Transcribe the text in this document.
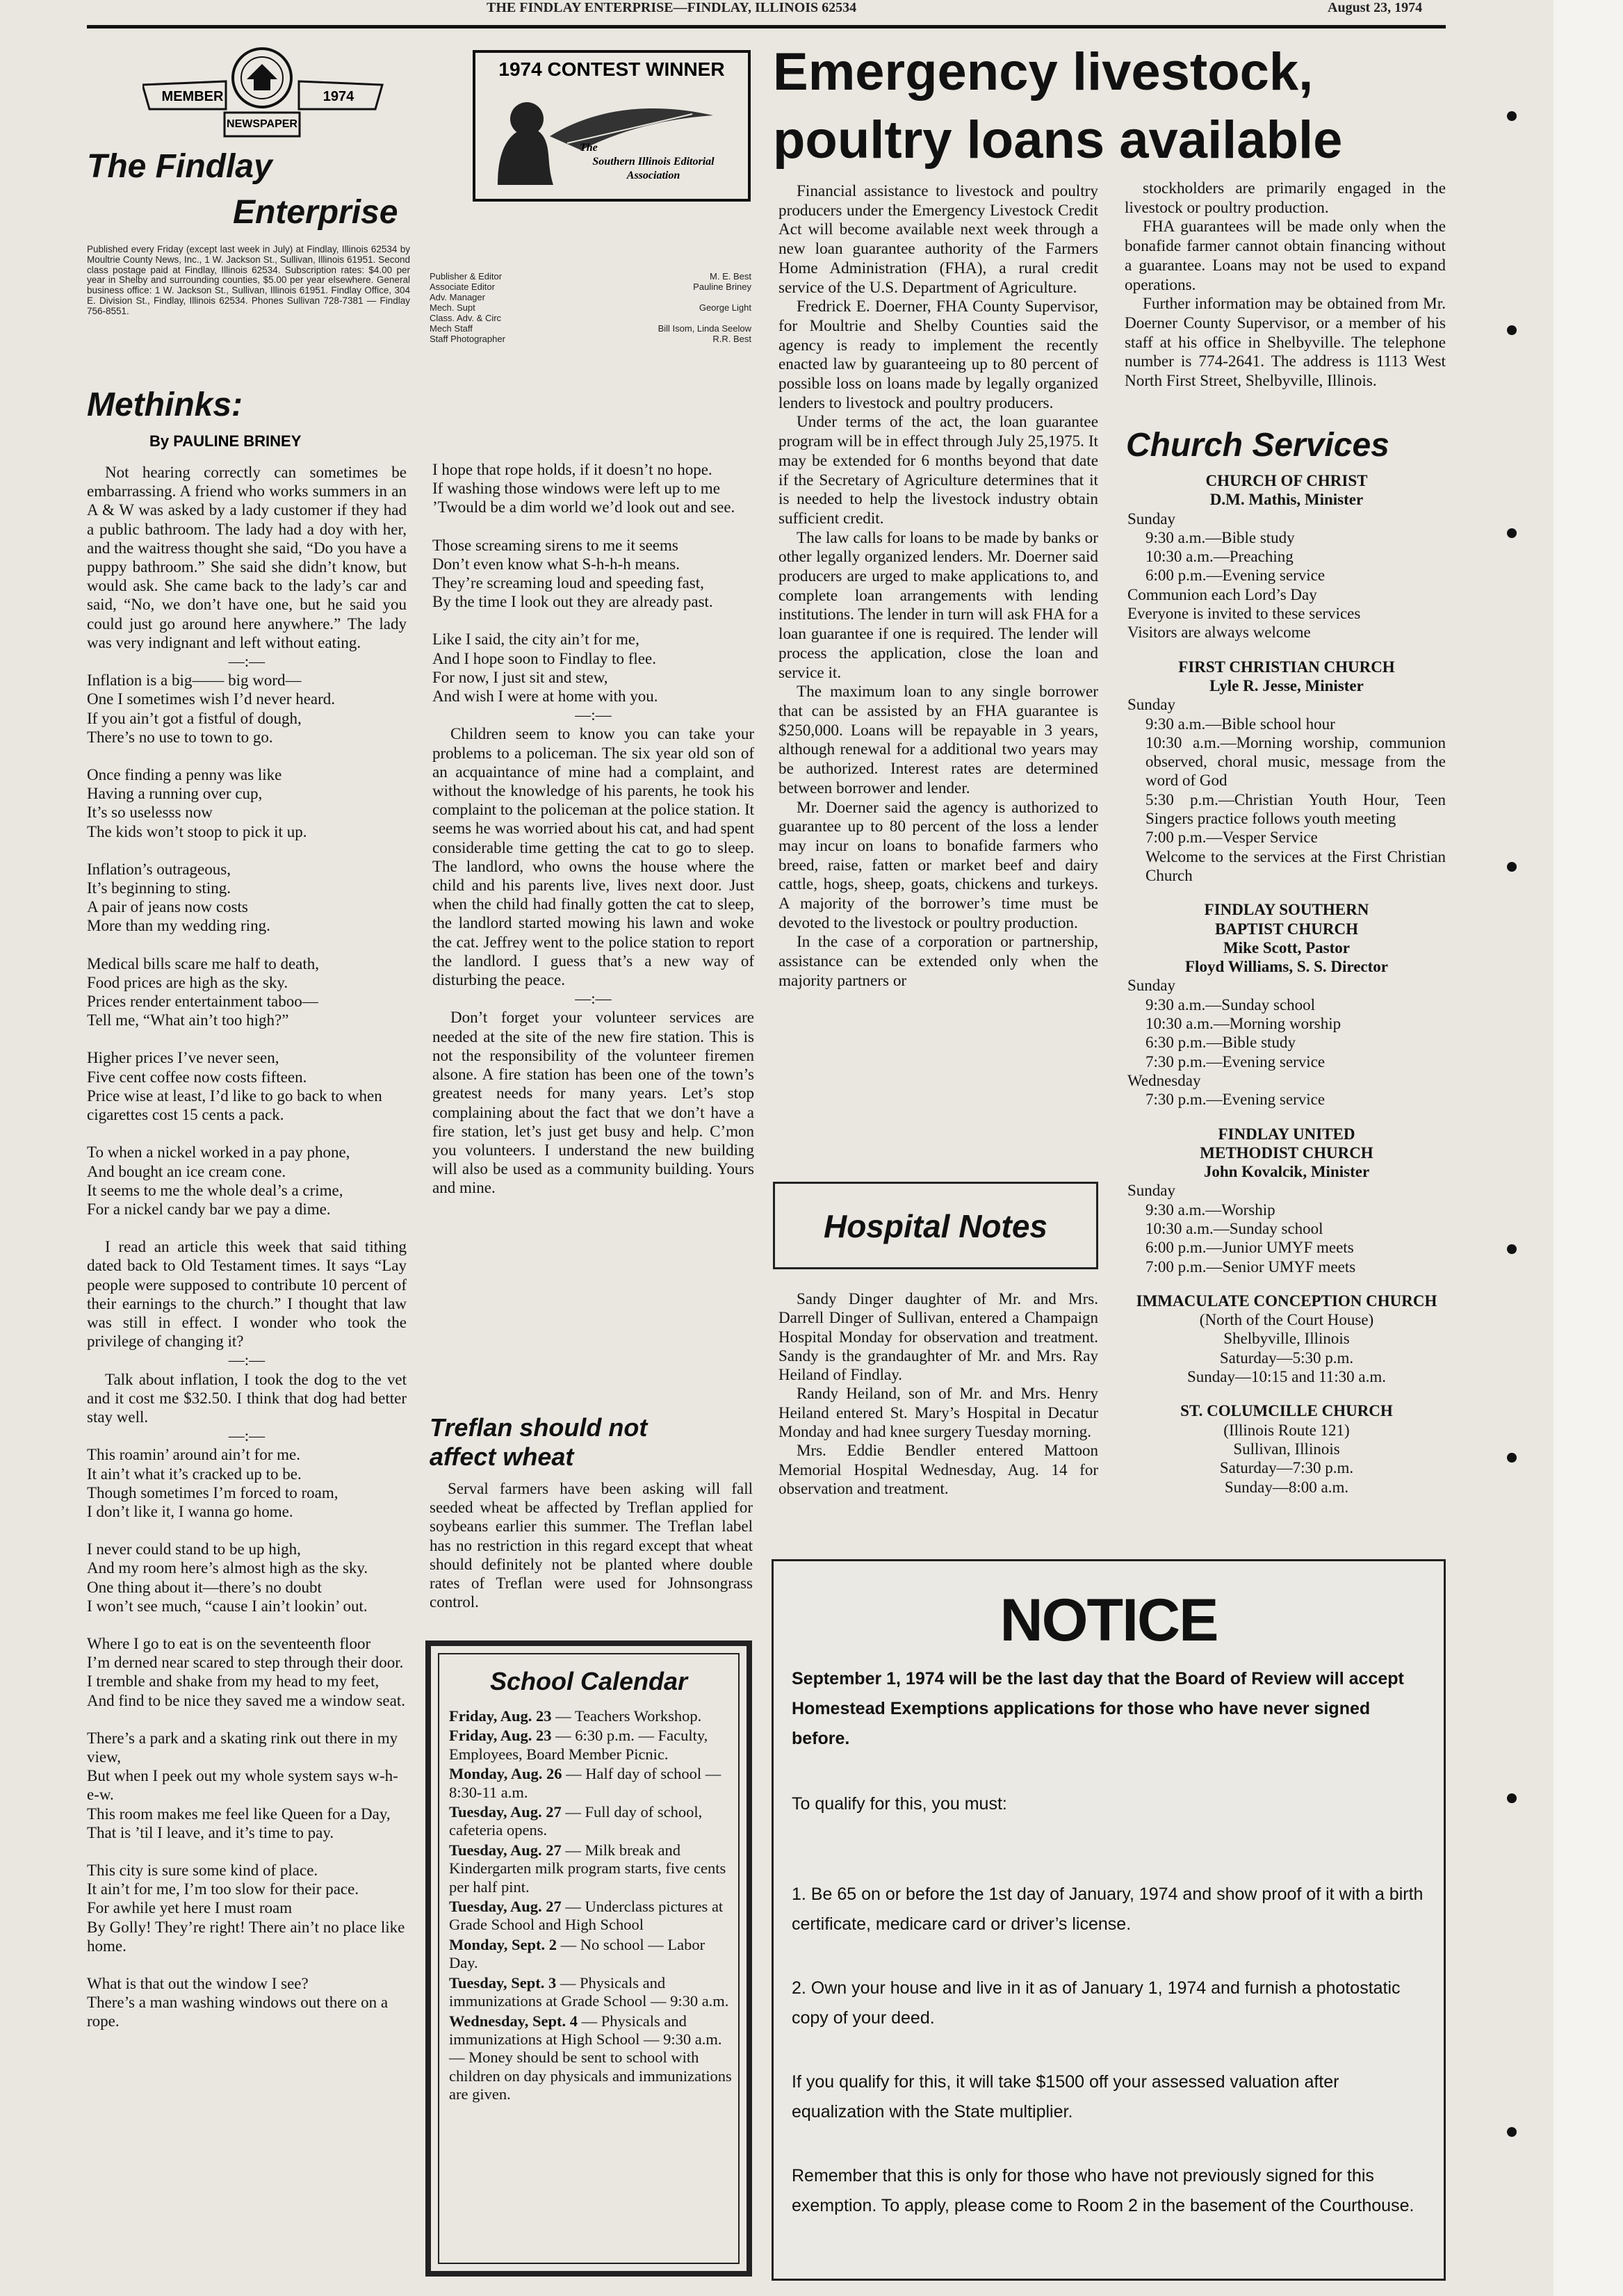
THE FINDLAY ENTERPRISE—FINDLAY, ILLINOIS 62534	August 23, 1974
MEMBER	1974
NEWSPAPER
The Findlay
Enterprise
Published every Friday (except last week in July) at Findlay, Illinois 62534 by Moultrie County News, Inc., 1 W. Jackson St., Sullivan, Illinois 61951. Second class postage paid at Findlay, Illinois 62534. Subscription rates: $4.00 per year in Shelby and surrounding counties, $5.00 per year elsewhere. General business office: 1 W. Jackson St., Sullivan, Illinois 61951. Findlay Office, 304 E. Division St., Findlay, Illinois 62534. Phones Sullivan 728-7381 — Findlay 756-8551.
1974 CONTEST WINNER
The
Southern Illinois Editorial
Association
Publisher & Editor	M. E. Best
Associate Editor	Pauline Briney
Adv. Manager
Mech. Supt	George Light
Class. Adv. & Circ
Mech Staff	Bill Isom, Linda Seelow
Staff Photographer	R.R. Best
Methinks:
By PAULINE BRINEY

Not hearing correctly can sometimes be embarrassing. A friend who works summers in an A & W was asked by a lady customer if they had a public bathroom. The lady had a doy with her, and the waitress thought she said, “Do you have a puppy bathroom.” She said she didn’t know, but would ask. She came back to the lady’s car and said, “No, we don’t have one, but he said you could just go around here anywhere.” The lady was very indignant and left without eating.

—:—
Inflation is a big—— big word—
One I sometimes wish I’d never heard.
If you ain’t got a fistful of dough,
There’s no use to town to go.
Once finding a penny was like
Having a running over cup,
It’s so uselesss now
The kids won’t stoop to pick it up.
Inflation’s outrageous,
It’s beginning to sting.
A pair of jeans now costs
More than my wedding ring.
Medical bills scare me half to death,
Food prices are high as the sky.
Prices render entertainment taboo—
Tell me, “What ain’t too high?”
Higher prices I’ve never seen,
Five cent coffee now costs fifteen.
Price wise at least, I’d like to go back to when cigarettes cost 15 cents a pack.
To when a nickel worked in a pay phone,
And bought an ice cream cone.
It seems to me the whole deal’s a crime,
For a nickel candy bar we pay a dime.

I read an article this week that said tithing dated back to Old Testament times. It says “Lay people were supposed to contribute 10 percent of their earnings to the church.” I thought that law was still in effect. I wonder who took the privilege of changing it?

—:—

Talk about inflation, I took the dog to the vet and it cost me $32.50. I think that dog had better stay well.

—:—
This roamin’ around ain’t for me.
It ain’t what it’s cracked up to be.
Though sometimes I’m forced to roam,
I don’t like it, I wanna go home.
I never could stand to be up high,
And my room here’s almost high as the sky.
One thing about it—there’s no doubt
I won’t see much, “cause I ain’t lookin’ out.
Where I go to eat is on the seventeenth floor
I’m derned near scared to step through their door.
I tremble and shake from my head to my feet,
And find to be nice they saved me a window seat.
There’s a park and a skating rink out there in my view,
But when I peek out my whole system says w-h-e-w.
This room makes me feel like Queen for a Day,
That is ’til I leave, and it’s time to pay.
This city is sure some kind of place.
It ain’t for me, I’m too slow for their pace.
For awhile yet here I must roam
By Golly! They’re right! There ain’t no place like home.
What is that out the window I see?
There’s a man washing windows out there on a rope.
I hope that rope holds, if it doesn’t no hope.
If washing those windows were left up to me
’Twould be a dim world we’d look out and see.
Those screaming sirens to me it seems
Don’t even know what S-h-h-h means.
They’re screaming loud and speeding fast,
By the time I look out they are already past.
Like I said, the city ain’t for me,
And I hope soon to Findlay to flee.
For now, I just sit and stew,
And wish I were at home with you.
—:—

Children seem to know you can take your problems to a policeman. The six year old son of an acquaintance of mine had a complaint, and without the knowledge of his parents, he took his complaint to the policeman at the police station. It seems he was worried about his cat, and had spent considerable time getting the cat to go to sleep. The landlord, who owns the house where the child and his parents live, lives next door. Just when the child had finally gotten the cat to sleep, the landlord started mowing his lawn and woke the cat. Jeffrey went to the police station to report the landlord. I guess that’s a new way of disturbing the peace.

—:—

Don’t forget your volunteer services are needed at the site of the new fire station. This is not the responsibility of the volunteer firemen alsone. A fire station has been one of the town’s greatest needs for many years. Let’s stop complaining about the fact that we don’t have a fire station, let’s just get busy and help. C’mon you volunteers. I understand the new building will also be used as a community building. Yours and mine.

Treflan should not
affect wheat

Serval farmers have been asking will fall seeded wheat be affected by Treflan applied for soybeans earlier this summer. The Treflan label has no restriction in this regard except that wheat should definitely not be planted where double rates of Treflan were used for Johnsongrass control.

School Calendar
Friday, Aug. 23 — Teachers Workshop.
Friday, Aug. 23 — 6:30 p.m. — Faculty, Employees, Board Member Picnic.
Monday, Aug. 26 — Half day of school — 8:30-11 a.m.
Tuesday, Aug. 27 — Full day of school, cafeteria opens.
Tuesday, Aug. 27 — Milk break and Kindergarten milk program starts, five cents per half pint.
Tuesday, Aug. 27 — Underclass pictures at Grade School and High School
Monday, Sept. 2 — No school — Labor Day.
Tuesday, Sept. 3 — Physicals and immunizations at Grade School — 9:30 a.m.
Wednesday, Sept. 4 — Physicals and immunizations at High School — 9:30 a.m. — Money should be sent to school with children on day physicals and immunizations are given.
Emergency livestock,
poultry loans available

Financial assistance to livestock and poultry producers under the Emergency Livestock Credit Act will become available next week through a new loan guarantee authority of the Farmers Home Administration (FHA), a rural credit service of the U.S. Department of Agriculture.

Fredrick E. Doerner, FHA County Supervisor, for Moultrie and Shelby Counties said the agency is ready to implement the recently enacted law by guaranteeing up to 80 percent of possible loss on loans made by legally organized lenders to livestock and poultry producers.

Under terms of the act, the loan guarantee program will be in effect through July 25,1975. It may be extended for 6 months beyond that date if the Secretary of Agriculture determines that it is needed to help the livestock industry obtain sufficient credit.

The law calls for loans to be made by banks or other legally organized lenders. Mr. Doerner said producers are urged to make applications to, and complete loan arrangements with lending institutions. The lender in turn will ask FHA for a loan guarantee if one is required. The lender will process the application, close the loan and service it.

The maximum loan to any single borrower that can be assisted by an FHA guarantee is $250,000. Loans will be repayable in 3 years, although renewal for a additional two years may be authorized. Interest rates are determined between borrower and lender.

Mr. Doerner said the agency is authorized to guarantee up to 80 percent of the loss a lender may incur on loans to bonafide farmers who breed, raise, fatten or market beef and dairy cattle, hogs, sheep, goats, chickens and turkeys. A majority of the borrower’s time must be devoted to the livestock or poultry production.

In the case of a corporation or partnership, assistance can be extended only when the majority partners or

stockholders are primarily engaged in the livestock or poultry production.

FHA guarantees will be made only when the bonafide farmer cannot obtain financing without a guarantee. Loans may not be used to expand operations.

Further information may be obtained from Mr. Doerner County Supervisor, or a member of his staff at his office in Shelbyville. The telephone number is 774-2641. The address is 1113 West North First Street, Shelbyville, Illinois.

Church Services

CHURCH OF CHRIST

D.M. Mathis, Minister

Sunday

9:30 a.m.—Bible study

10:30 a.m.—Preaching

6:00 p.m.—Evening service

Communion each Lord’s Day

Everyone is invited to these services

Visitors are always welcome

FIRST CHRISTIAN CHURCH

Lyle R. Jesse, Minister

Sunday

9:30 a.m.—Bible school hour

10:30 a.m.—Morning worship, communion observed, choral music, message from the word of God

5:30 p.m.—Christian Youth Hour, Teen Singers practice follows youth meeting

7:00 p.m.—Vesper Service

Welcome to the services at the First Christian Church

FINDLAY SOUTHERN

BAPTIST CHURCH

Mike Scott, Pastor

Floyd Williams, S. S. Director

Sunday

9:30 a.m.—Sunday school

10:30 a.m.—Morning worship

6:30 p.m.—Bible study

7:30 p.m.—Evening service

Wednesday

7:30 p.m.—Evening service

FINDLAY UNITED

METHODIST CHURCH

John Kovalcik, Minister

Sunday

9:30 a.m.—Worship

10:30 a.m.—Sunday school

6:00 p.m.—Junior UMYF meets

7:00 p.m.—Senior UMYF meets

IMMACULATE CONCEPTION CHURCH

(North of the Court House)

Shelbyville, Illinois

Saturday—5:30 p.m.

Sunday—10:15 and 11:30 a.m.

ST. COLUMCILLE CHURCH

(Illinois Route 121)

Sullivan, Illinois

Saturday—7:30 p.m.

Sunday—8:00 a.m.

Hospital Notes

Sandy Dinger daughter of Mr. and Mrs. Darrell Dinger of Sullivan, entered a Champaign Hospital Monday for observation and treatment. Sandy is the grandaughter of Mr. and Mrs. Ray Heiland of Findlay.

Randy Heiland, son of Mr. and Mrs. Henry Heiland entered St. Mary’s Hospital in Decatur Monday and had knee surgery Tuesday morning.

Mrs. Eddie Bendler entered Mattoon Memorial Hospital Wednesday, Aug. 14 for observation and treatment.

NOTICE
September 1, 1974 will be the last day that the Board of Review will accept Homestead Exemptions applications for those who have never signed before.
To qualify for this, you must:
1. Be 65 on or before the 1st day of January, 1974 and show proof of it with a birth certificate, medicare card or driver’s license.
2. Own your house and live in it as of January 1, 1974 and furnish a photostatic copy of your deed.
If you qualify for this, it will take $1500 off your assessed valuation after equalization with the State multiplier.
Remember that this is only for those who have not previously signed for this exemption. To apply, please come to Room 2 in the basement of the Courthouse.
